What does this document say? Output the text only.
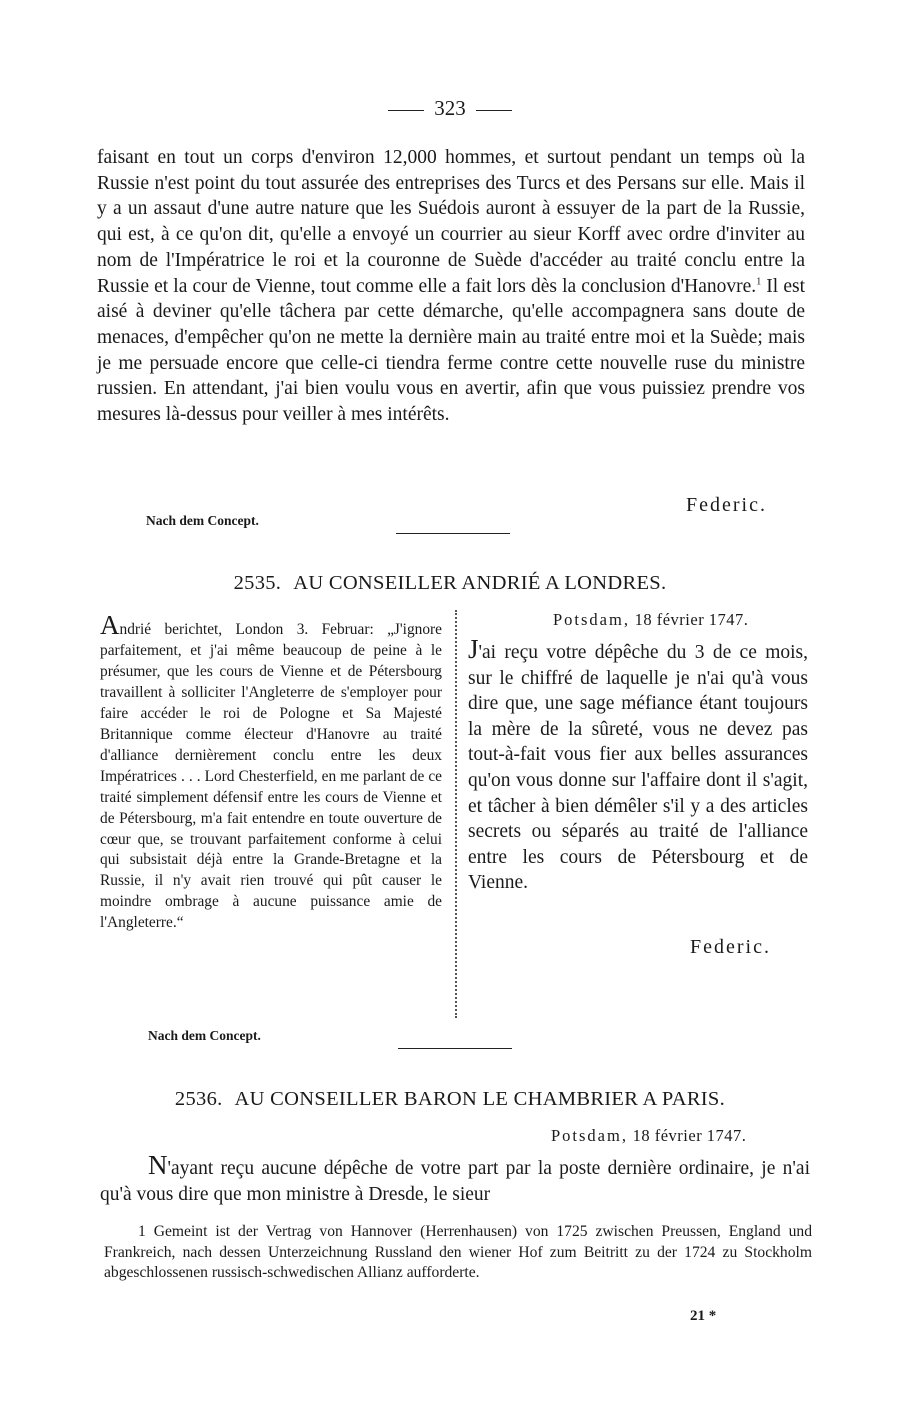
323
faisant en tout un corps d'environ 12,000 hommes, et surtout pendant un temps où la Russie n'est point du tout assurée des entreprises des Turcs et des Persans sur elle. Mais il y a un assaut d'une autre nature que les Suédois auront à essuyer de la part de la Russie, qui est, à ce qu'on dit, qu'elle a envoyé un courrier au sieur Korff avec ordre d'inviter au nom de l'Impératrice le roi et la couronne de Suède d'accéder au traité conclu entre la Russie et la cour de Vienne, tout comme elle a fait lors dès la conclusion d'Hanovre.$^1$ Il est aisé à deviner qu'elle tâchera par cette démarche, qu'elle accompagnera sans doute de menaces, d'empêcher qu'on ne mette la dernière main au traité entre moi et la Suède; mais je me persuade encore que celle-ci tiendra ferme contre cette nouvelle ruse du ministre russien. En attendant, j'ai bien voulu vous en avertir, afin que vous puissiez prendre vos mesures là-dessus pour veiller à mes intérêts.
Federic.
Nach dem Concept.
2535. AU CONSEILLER ANDRIÉ A LONDRES.
Andrié berichtet, London 3. Februar: „J'ignore parfaitement, et j'ai même beaucoup de peine à le présumer, que les cours de Vienne et de Pétersbourg travaillent à solliciter l'Angleterre de s'employer pour faire accéder le roi de Pologne et Sa Majesté Britannique comme électeur d'Hanovre au traité d'alliance dernièrement conclu entre les deux Impératrices . . . Lord Chesterfield, en me parlant de ce traité simplement défensif entre les cours de Vienne et de Pétersbourg, m'a fait entendre en toute ouverture de cœur que, se trouvant parfaitement conforme à celui qui subsistait déjà entre la Grande-Bretagne et la Russie, il n'y avait rien trouvé qui pût causer le moindre ombrage à aucune puissance amie de l'Angleterre.“
Potsdam, 18 février 1747.
J'ai reçu votre dépêche du 3 de ce mois, sur le chiffré de laquelle je n'ai qu'à vous dire que, une sage méfiance étant toujours la mère de la sûreté, vous ne devez pas tout-à-fait vous fier aux belles assurances qu'on vous donne sur l'affaire dont il s'agit, et tâcher à bien démêler s'il y a des articles secrets ou séparés au traité de l'alliance entre les cours de Pétersbourg et de Vienne.
Federic.
Nach dem Concept.
2536. AU CONSEILLER BARON LE CHAMBRIER A PARIS.
Potsdam, 18 février 1747.
N'ayant reçu aucune dépêche de votre part par la poste dernière ordinaire, je n'ai qu'à vous dire que mon ministre à Dresde, le sieur
1 Gemeint ist der Vertrag von Hannover (Herrenhausen) von 1725 zwischen Preussen, England und Frankreich, nach dessen Unterzeichnung Russland den wiener Hof zum Beitritt zu der 1724 zu Stockholm abgeschlossenen russisch-schwedischen Allianz aufforderte.
21 *
